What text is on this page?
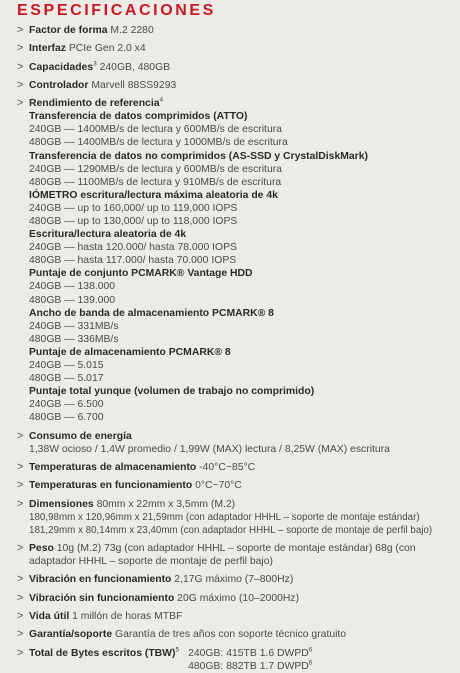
ESPECIFICACIONES
> Factor de forma M.2 2280
> Interfaz PCIe Gen 2.0 x4
> Capacidades$^3$ 240GB, 480GB
> Controlador Marvell 88SS9293
> Rendimiento de referencia$^4$
Transferencia de datos comprimidos (ATTO)
240GB — 1400MB/s de lectura y 600MB/s de escritura
480GB — 1400MB/s de lectura y 1000MB/s de escritura
Transferencia de datos no comprimidos (AS-SSD y CrystalDiskMark)
240GB — 1290MB/s de lectura y 600MB/s de escritura
480GB — 1100MB/s de lectura y 910MB/s de escritura
IÓMETRO escritura/lectura máxima aleatoria de 4k
240GB — up to 160,000/ up to 119,000 IOPS
480GB — up to 130,000/ up to 118,000 IOPS
Escritura/lectura aleatoria de 4k
240GB — hasta 120.000/ hasta 78.000 IOPS
480GB — hasta 117.000/ hasta 70.000 IOPS
Puntaje de conjunto PCMARK® Vantage HDD
240GB — 138.000
480GB — 139.000
Ancho de banda de almacenamiento PCMARK® 8
240GB — 331MB/s
480GB — 336MB/s
Puntaje de almacenamiento PCMARK® 8
240GB — 5.015
480GB — 5.017
Puntaje total yunque (volumen de trabajo no comprimido)
240GB — 6.500
480GB — 6.700
> Consumo de energía
1,38W ocioso / 1,4W promedio / 1,99W (MAX) lectura / 8,25W (MAX) escritura
> Temperaturas de almacenamiento -40°C~85°C
> Temperaturas en funcionamiento 0°C~70°C
> Dimensiones 80mm x 22mm x 3,5mm (M.2)
180,98mm x 120,96mm x 21,59mm (con adaptador HHHL – soporte de montaje estándar)
181,29mm x 80,14mm x 23,40mm (con adaptador HHHL – soporte de montaje de perfil bajo)
> Peso 10g (M.2) 73g (con adaptador HHHL – soporte de montaje estándar) 68g (con
adaptador HHHL – soporte de montaje de perfil bajo)
> Vibración en funcionamiento 2,17G máximo (7–800Hz)
> Vibración sin funcionamiento 20G máximo (10–2000Hz)
> Vida útil 1 millón de horas MTBF
> Garantía/soporte Garantía de tres años con soporte técnico gratuito
> Total de Bytes escritos (TBW)$^5$ 240GB: 415TB 1.6 DWPD$^6$
480GB: 882TB 1.7 DWPD$^6$
